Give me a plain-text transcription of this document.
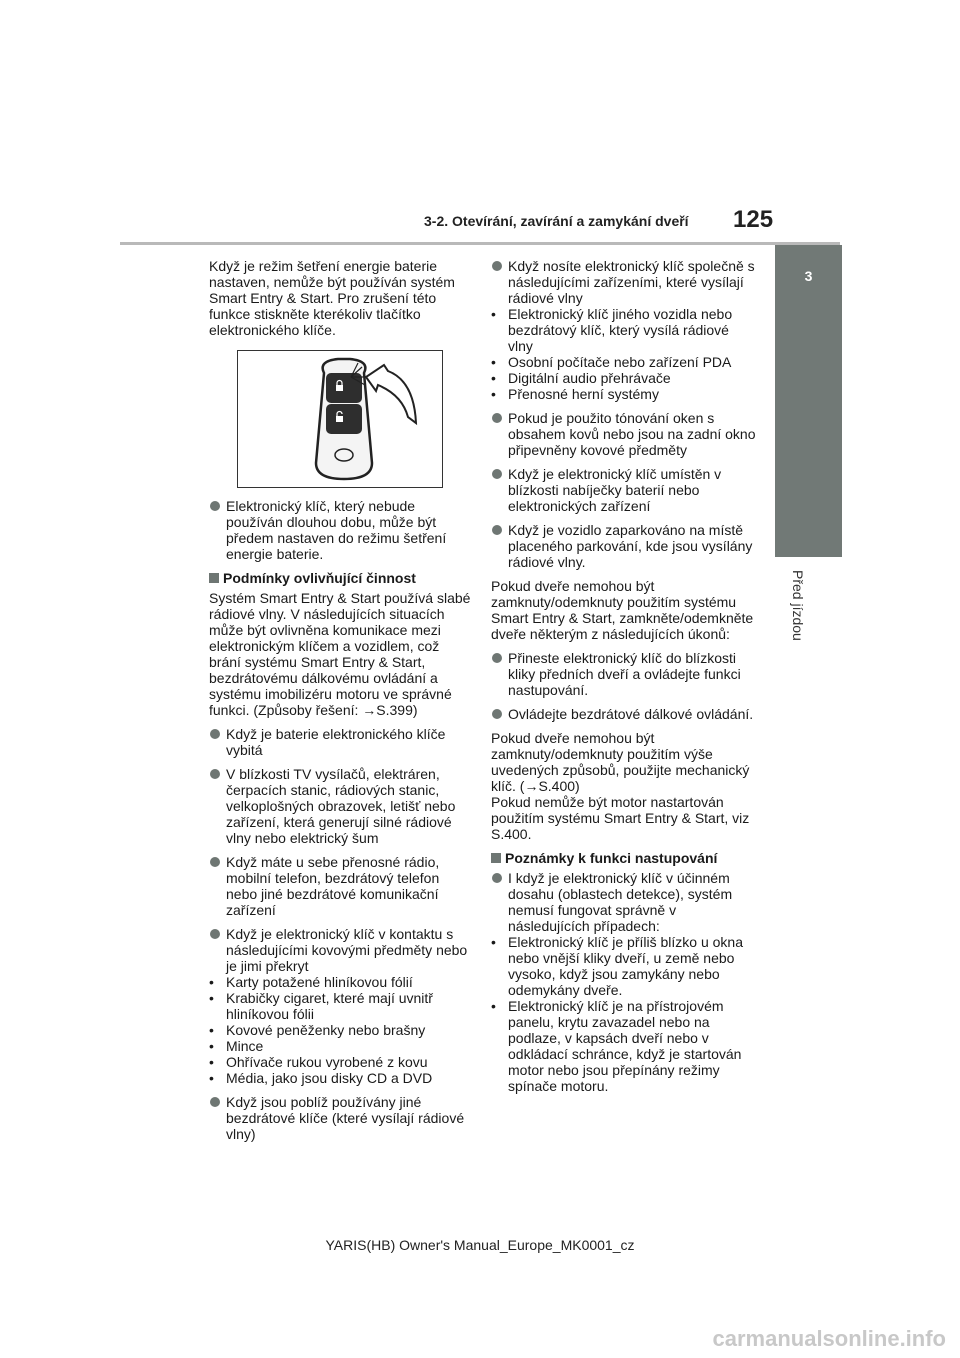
3-2. Otevírání, zavírání a zamykání dveří 125
3
Před jízdou

Když je režim šetření energie baterie nastaven, nemůže být používán systém Smart Entry & Start. Pro zrušení této funkce stiskněte kterékoliv tlačítko elektronického klíče.

Elektronický klíč, který nebude používán dlouhou dobu, může být předem nastaven do režimu šetření energie baterie.
Podmínky ovlivňující činnost

Systém Smart Entry & Start používá slabé rádiové vlny. V následujících situacích může být ovlivněna komunikace mezi elektronickým klíčem a vozidlem, což brání systému Smart Entry & Start, bezdrátovému dálkovému ovládání a systému imobilizéru motoru ve správné funkci. (Způsoby řešení: →S.399)

Když je baterie elektronického klíče vybitá
V blízkosti TV vysílačů, elektráren, čerpacích stanic, rádiových stanic, velkoplošných obrazovek, letišť nebo zařízení, která generují silné rádiové vlny nebo elektrický šum
Když máte u sebe přenosné rádio, mobilní telefon, bezdrátový telefon nebo jiné bezdrátové komunikační zařízení
Když je elektronický klíč v kontaktu s následujícími kovovými předměty nebo je jimi překryt
• Karty potažené hliníkovou fólií
• Krabičky cigaret, které mají uvnitř hliníkovou fólii
• Kovové peněženky nebo brašny
• Mince
• Ohřívače rukou vyrobené z kovu
• Média, jako jsou disky CD a DVD
Když jsou poblíž používány jiné bezdrátové klíče (které vysílají rádiové vlny)
Když nosíte elektronický klíč společně s následujícími zařízeními, které vysílají rádiové vlny
• Elektronický klíč jiného vozidla nebo bezdrátový klíč, který vysílá rádiové vlny
• Osobní počítače nebo zařízení PDA
• Digitální audio přehrávače
• Přenosné herní systémy
Pokud je použito tónování oken s obsahem kovů nebo jsou na zadní okno připevněny kovové předměty
Když je elektronický klíč umístěn v blízkosti nabíječky baterií nebo elektronických zařízení
Když je vozidlo zaparkováno na místě placeného parkování, kde jsou vysílány rádiové vlny.

Pokud dveře nemohou být zamknuty/odemknuty použitím systému Smart Entry & Start, zamkněte/odemkněte dveře některým z následujících úkonů:

Přineste elektronický klíč do blízkosti kliky předních dveří a ovládejte funkci nastupování.
Ovládejte bezdrátové dálkové ovládání.

Pokud dveře nemohou být zamknuty/odemknuty použitím výše uvedených způsobů, použijte mechanický klíč. (→S.400)

Pokud nemůže být motor nastartován použitím systému Smart Entry & Start, viz S.400.

Poznámky k funkci nastupování
I když je elektronický klíč v účinném dosahu (oblastech detekce), systém nemusí fungovat správně v následujících případech:
• Elektronický klíč je příliš blízko u okna nebo vnější kliky dveří, u země nebo vysoko, když jsou zamykány nebo odemykány dveře.
• Elektronický klíč je na přístrojovém panelu, krytu zavazadel nebo na podlaze, v kapsách dveří nebo v odkládací schránce, když je startován motor nebo jsou přepínány režimy spínače motoru.
YARIS(HB) Owner's Manual_Europe_MK0001_cz
carmanualsonline.info
